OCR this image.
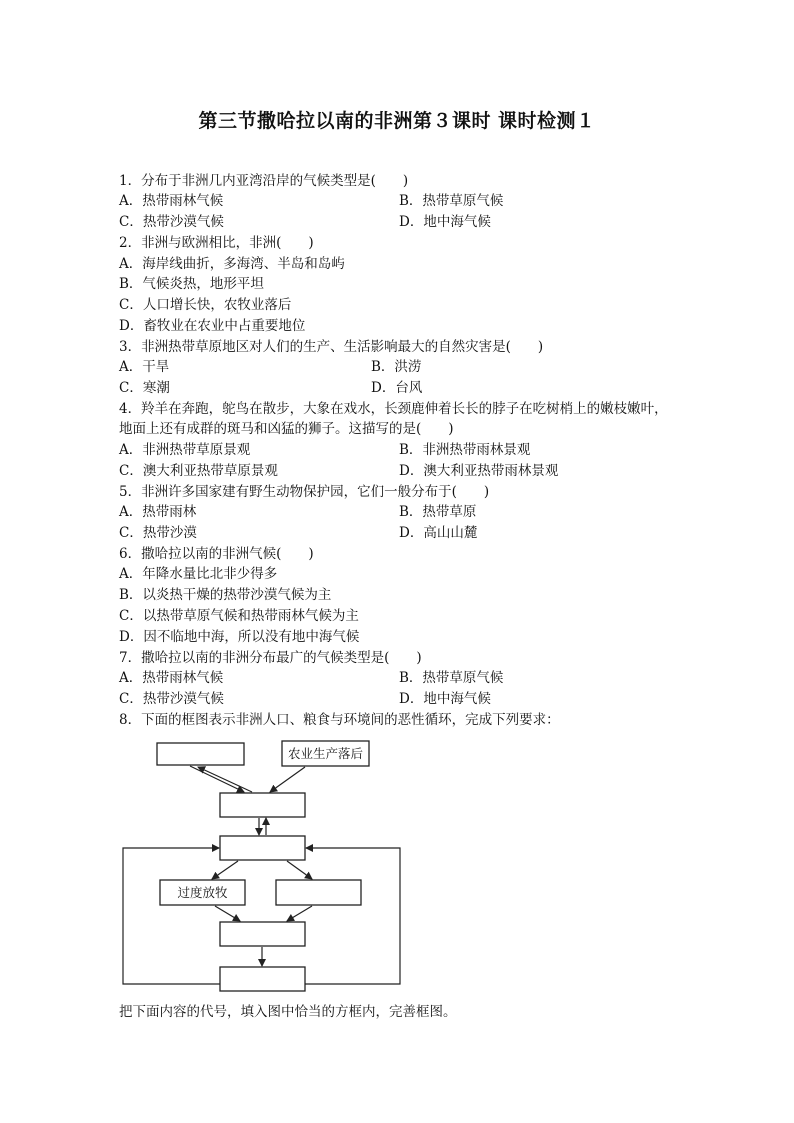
第三节撒哈拉以南的非洲第３课时 课时检测１
1．分布于非洲几内亚湾沿岸的气候类型是(　　)
A．热带雨林气候	B．热带草原气候
C．热带沙漠气候	D．地中海气候
2．非洲与欧洲相比，非洲(　　)
A．海岸线曲折，多海湾、半岛和岛屿
B．气候炎热，地形平坦
C．人口增长快，农牧业落后
D．畜牧业在农业中占重要地位
3．非洲热带草原地区对人们的生产、生活影响最大的自然灾害是(　　)
A．干旱	B．洪涝
C．寒潮	D．台风
4．羚羊在奔跑，鸵鸟在散步，大象在戏水，长颈鹿伸着长长的脖子在吃树梢上的嫩枝嫩叶，
地面上还有成群的斑马和凶猛的狮子。这描写的是(　　)
A．非洲热带草原景观	B．非洲热带雨林景观
C．澳大利亚热带草原景观	D．澳大利亚热带雨林景观
5．非洲许多国家建有野生动物保护园，它们一般分布于(　　)
A．热带雨林	B．热带草原
C．热带沙漠	D．高山山麓
6．撒哈拉以南的非洲气候(　　)
A．年降水量比北非少得多
B．以炎热干燥的热带沙漠气候为主
C．以热带草原气候和热带雨林气候为主
D．因不临地中海，所以没有地中海气候
7．撒哈拉以南的非洲分布最广的气候类型是(　　)
A．热带雨林气候	B．热带草原气候
C．热带沙漠气候	D．地中海气候
8．下面的框图表示非洲人口、粮食与环境间的恶性循环，完成下列要求：
农业生产落后
过度放牧
把下面内容的代号，填入图中恰当的方框内，完善框图。
